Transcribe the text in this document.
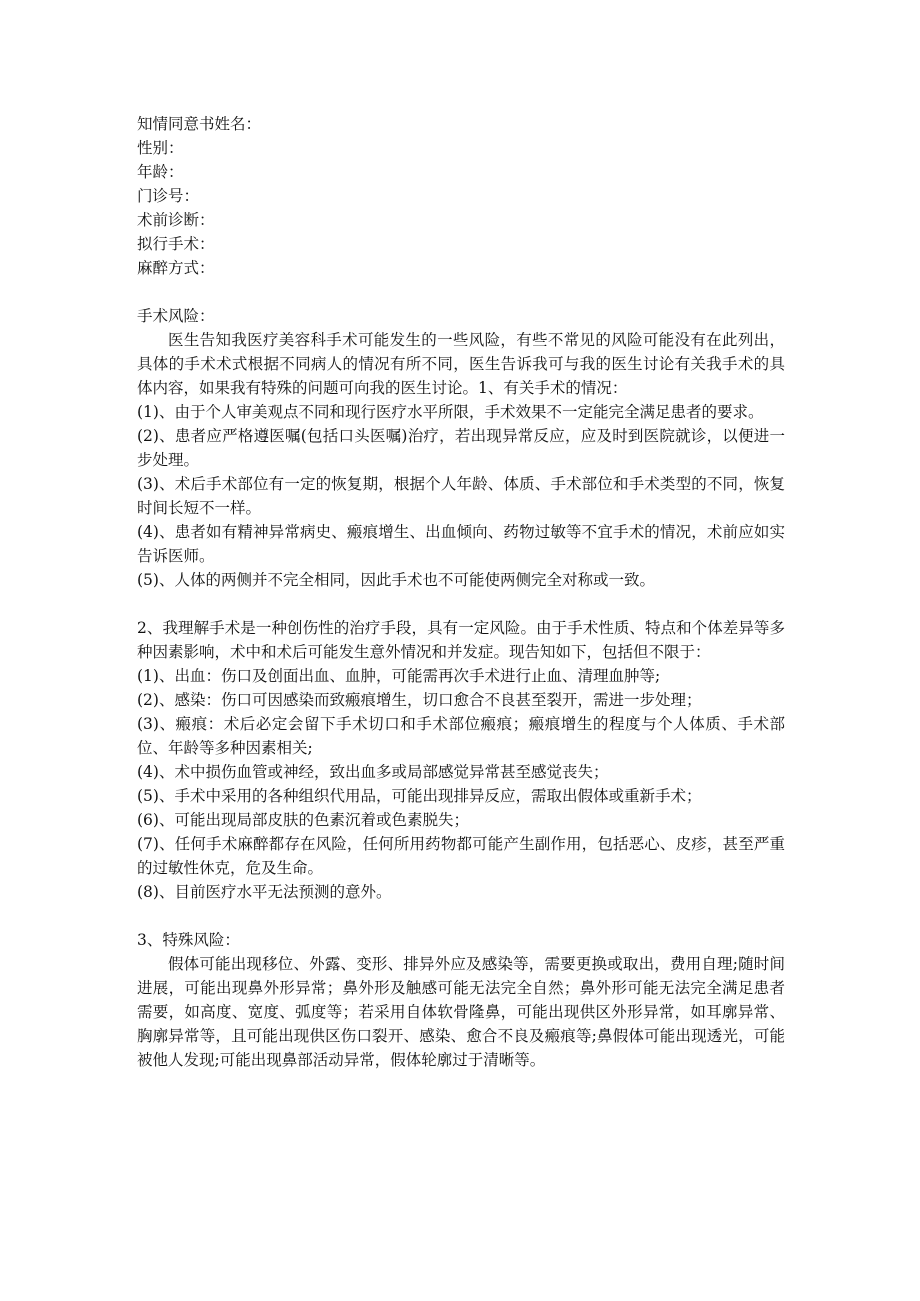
知情同意书姓名：
性别：
年龄：
门诊号：
术前诊断：
拟行手术：
麻醉方式：
手术风险：

医生告知我医疗美容科手术可能发生的一些风险，有些不常见的风险可能没有在此列出，具体的手术术式根据不同病人的情况有所不同，医生告诉我可与我的医生讨论有关我手术的具体内容，如果我有特殊的问题可向我的医生讨论。1、有关手术的情况：

(1)、由于个人审美观点不同和现行医疗水平所限，手术效果不一定能完全满足患者的要求。

(2)、患者应严格遵医嘱(包括口头医嘱)治疗，若出现异常反应，应及时到医院就诊，以便进一步处理。

(3)、术后手术部位有一定的恢复期，根据个人年龄、体质、手术部位和手术类型的不同，恢复时间长短不一样。

(4)、患者如有精神异常病史、瘢痕增生、出血倾向、药物过敏等不宜手术的情况，术前应如实告诉医师。

(5)、人体的两侧并不完全相同，因此手术也不可能使两侧完全对称或一致。

2、我理解手术是一种创伤性的治疗手段，具有一定风险。由于手术性质、特点和个体差异等多种因素影响，术中和术后可能发生意外情况和并发症。现告知如下，包括但不限于：

(1)、出血：伤口及创面出血、血肿，可能需再次手术进行止血、清理血肿等;

(2)、感染：伤口可因感染而致瘢痕增生，切口愈合不良甚至裂开，需进一步处理；

(3)、瘢痕：术后必定会留下手术切口和手术部位瘢痕；瘢痕增生的程度与个人体质、手术部位、年龄等多种因素相关;

(4)、术中损伤血管或神经，致出血多或局部感觉异常甚至感觉丧失；

(5)、手术中采用的各种组织代用品，可能出现排异反应，需取出假体或重新手术；

(6)、可能出现局部皮肤的色素沉着或色素脱失；

(7)、任何手术麻醉都存在风险，任何所用药物都可能产生副作用，包括恶心、皮疹，甚至严重的过敏性休克，危及生命。

(8)、目前医疗水平无法预测的意外。

3、特殊风险：

假体可能出现移位、外露、变形、排异外应及感染等，需要更换或取出，费用自理;随时间进展，可能出现鼻外形异常；鼻外形及触感可能无法完全自然；鼻外形可能无法完全满足患者需要，如高度、宽度、弧度等；若采用自体软骨隆鼻，可能出现供区外形异常，如耳廓异常、胸廓异常等，且可能出现供区伤口裂开、感染、愈合不良及瘢痕等;鼻假体可能出现透光，可能被他人发现;可能出现鼻部活动异常，假体轮廓过于清晰等。
